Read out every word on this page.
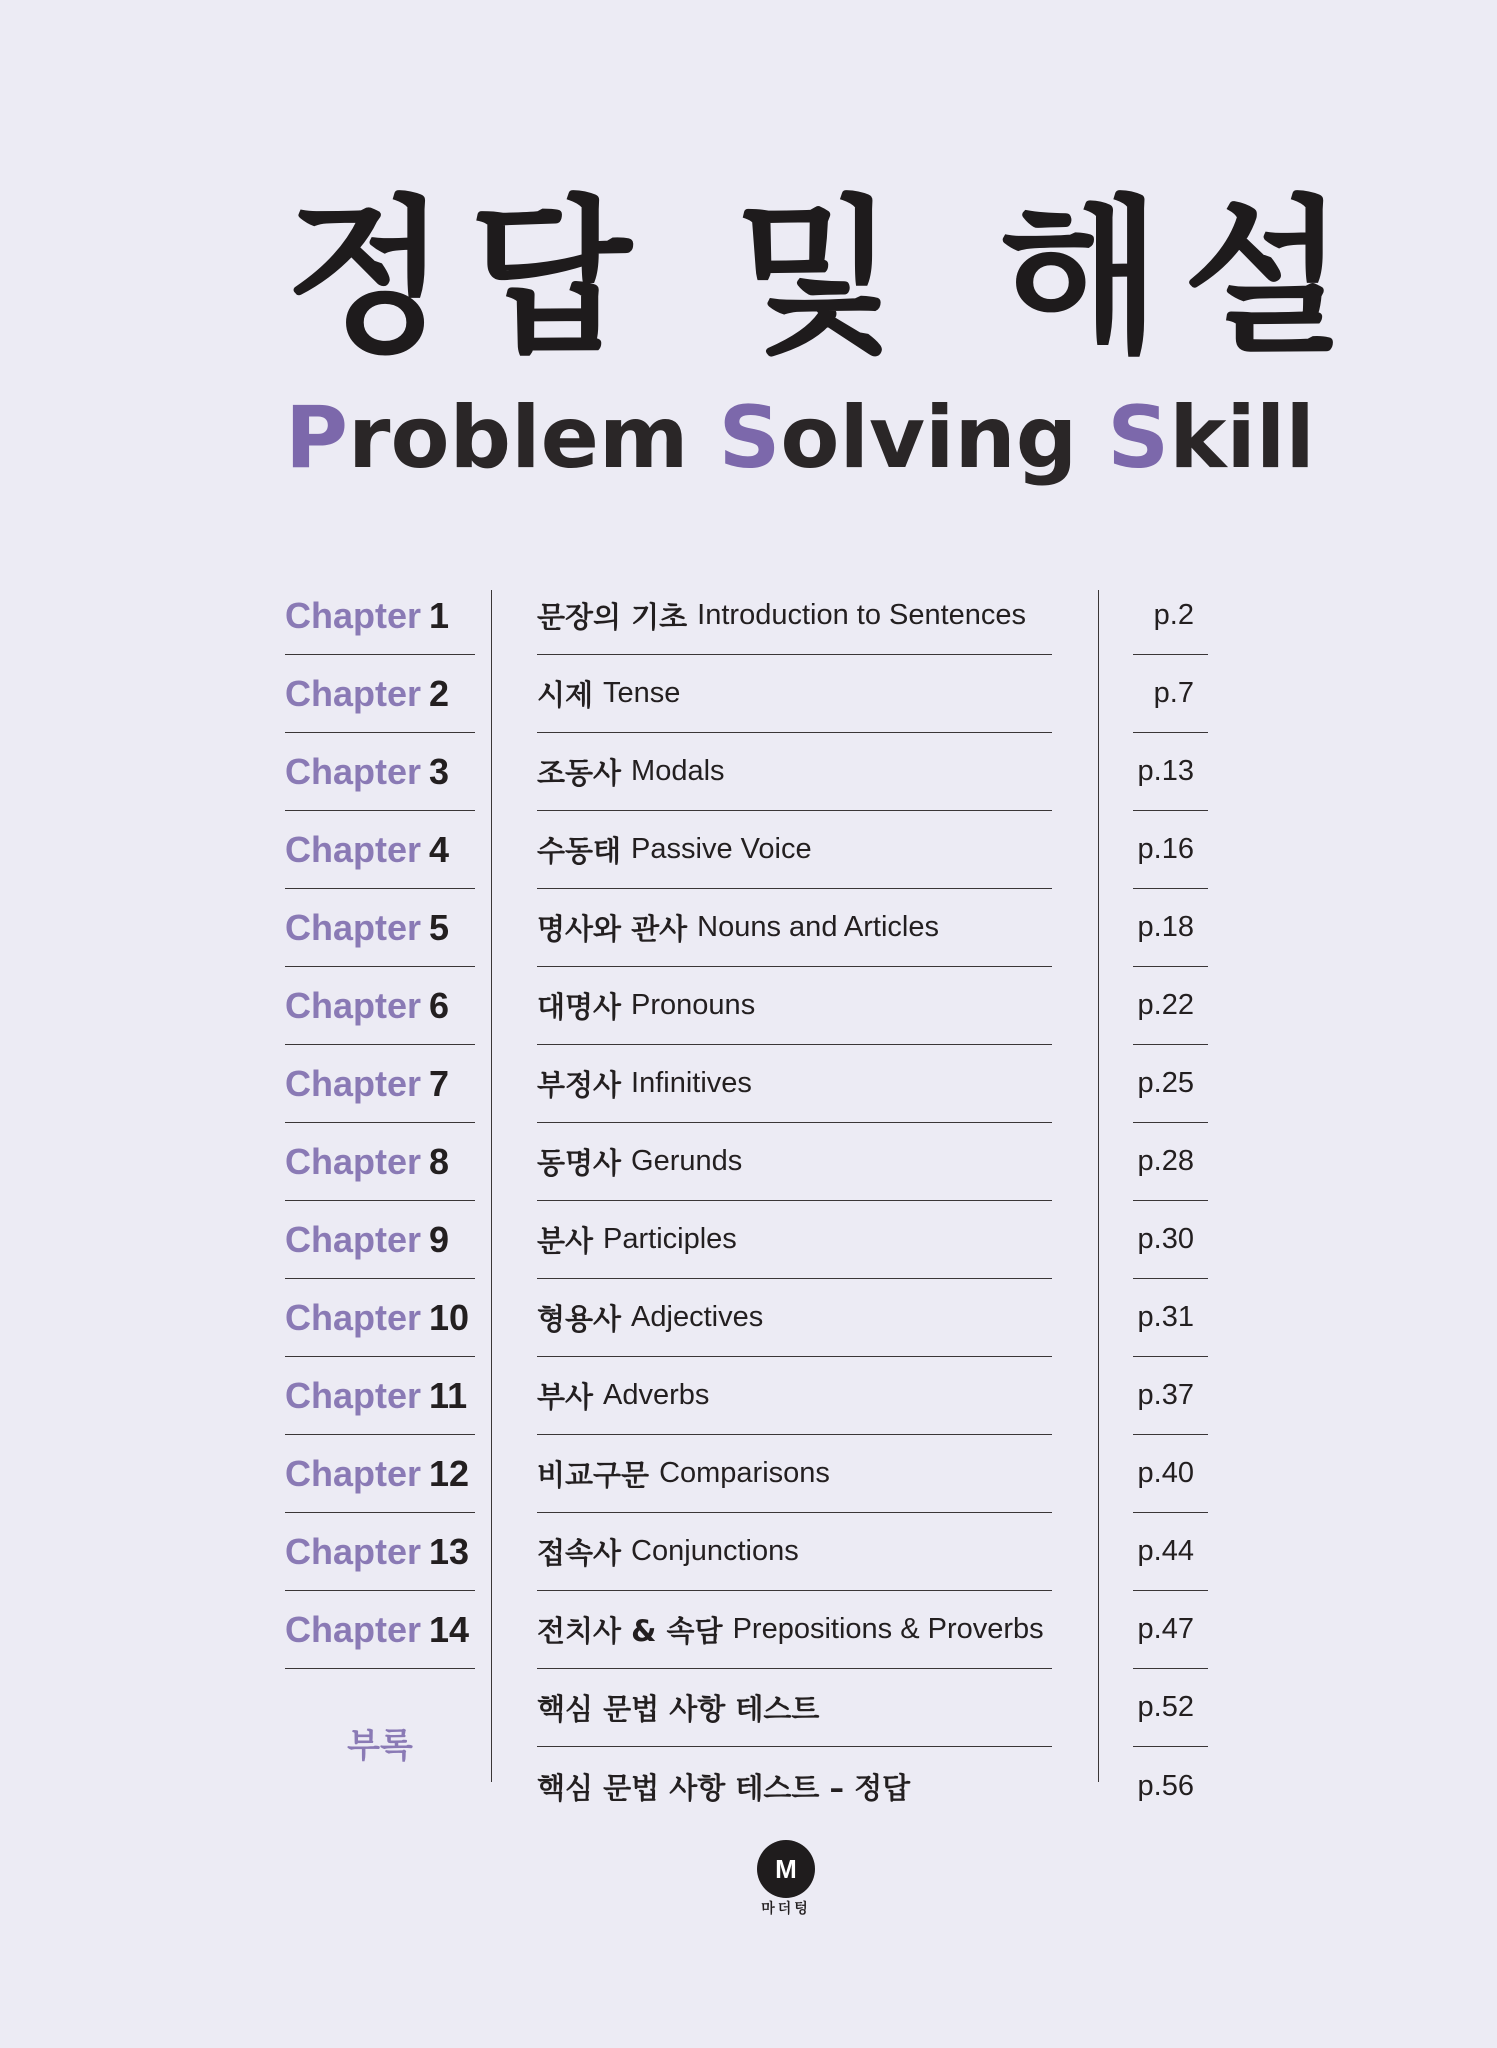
정답 및 해설
Problem Solving Skill
Chapter 1
Chapter 2
Chapter 3
Chapter 4
Chapter 5
Chapter 6
Chapter 7
Chapter 8
Chapter 9
Chapter 10
Chapter 11
Chapter 12
Chapter 13
Chapter 14
문장의 기초 Introduction to Sentences
시제 Tense
조동사 Modals
수동태 Passive Voice
명사와 관사 Nouns and Articles
대명사 Pronouns
부정사 Infinitives
동명사 Gerunds
분사 Participles
형용사 Adjectives
부사 Adverbs
비교구문 Comparisons
접속사 Conjunctions
전치사 & 속담 Prepositions & Proverbs
핵심 문법 사항 테스트
핵심 문법 사항 테스트 – 정답
p.2
p.7
p.13
p.16
p.18
p.22
p.25
p.28
p.30
p.31
p.37
p.40
p.44
p.47
p.52
p.56
부록
M
마더텅
